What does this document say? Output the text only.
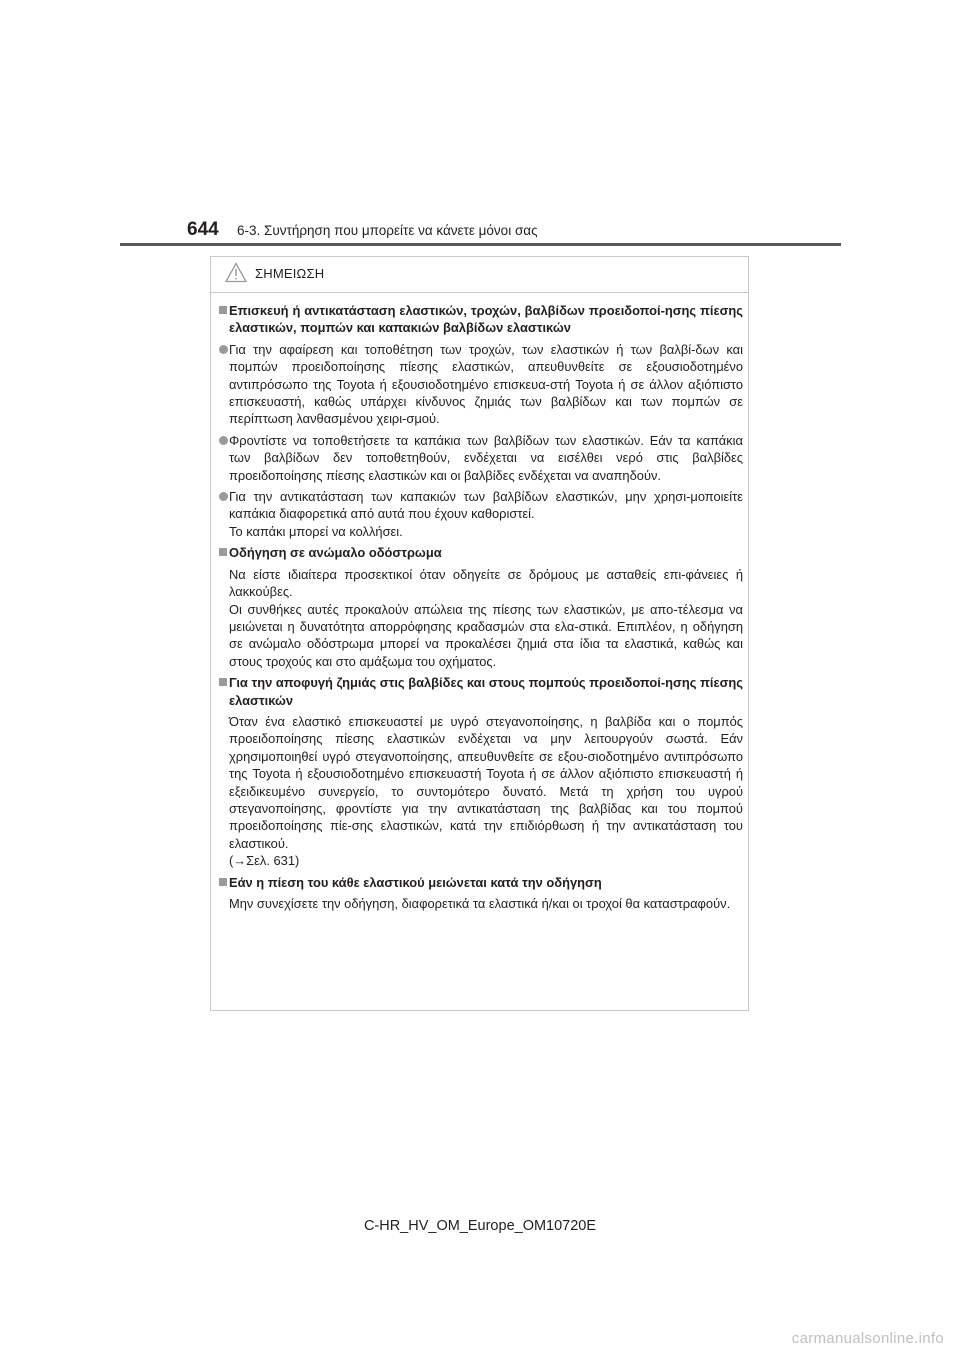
644 6-3. Συντήρηση που μπορείτε να κάνετε μόνοι σας
ΣΗΜΕΙΩΣΗ
Επισκευή ή αντικατάσταση ελαστικών, τροχών, βαλβίδων προειδοποί-ησης πίεσης ελαστικών, πομπών και καπακιών βαλβίδων ελαστικών
Για την αφαίρεση και τοποθέτηση των τροχών, των ελαστικών ή των βαλβί-δων και πομπών προειδοποίησης πίεσης ελαστικών, απευθυνθείτε σε εξουσιοδοτημένο αντιπρόσωπο της Toyota ή εξουσιοδοτημένο επισκευα-στή Toyota ή σε άλλον αξιόπιστο επισκευαστή, καθώς υπάρχει κίνδυνος ζημιάς των βαλβίδων και των πομπών σε περίπτωση λανθασμένου χειρι-σμού.
Φροντίστε να τοποθετήσετε τα καπάκια των βαλβίδων των ελαστικών. Εάν τα καπάκια των βαλβίδων δεν τοποθετηθούν, ενδέχεται να εισέλθει νερό στις βαλβίδες προειδοποίησης πίεσης ελαστικών και οι βαλβίδες ενδέχεται να αναπηδούν.
Για την αντικατάσταση των καπακιών των βαλβίδων ελαστικών, μην χρησι-μοποιείτε καπάκια διαφορετικά από αυτά που έχουν καθοριστεί.
Το καπάκι μπορεί να κολλήσει.
Οδήγηση σε ανώμαλο οδόστρωμα
Να είστε ιδιαίτερα προσεκτικοί όταν οδηγείτε σε δρόμους με ασταθείς επι-φάνειες ή λακκούβες.
Οι συνθήκες αυτές προκαλούν απώλεια της πίεσης των ελαστικών, με απο-τέλεσμα να μειώνεται η δυνατότητα απορρόφησης κραδασμών στα ελα-στικά. Επιπλέον, η οδήγηση σε ανώμαλο οδόστρωμα μπορεί να προκαλέσει ζημιά στα ίδια τα ελαστικά, καθώς και στους τροχούς και στο αμάξωμα του οχήματος.
Για την αποφυγή ζημιάς στις βαλβίδες και στους πομπούς προειδοποί-ησης πίεσης ελαστικών
Όταν ένα ελαστικό επισκευαστεί με υγρό στεγανοποίησης, η βαλβίδα και ο πομπός προειδοποίησης πίεσης ελαστικών ενδέχεται να μην λειτουργούν σωστά. Εάν χρησιμοποιηθεί υγρό στεγανοποίησης, απευθυνθείτε σε εξου-σιοδοτημένο αντιπρόσωπο της Toyota ή εξουσιοδοτημένο επισκευαστή Toyota ή σε άλλον αξιόπιστο επισκευαστή ή εξειδικευμένο συνεργείο, το συντομότερο δυνατό. Μετά τη χρήση του υγρού στεγανοποίησης, φροντίστε για την αντικατάσταση της βαλβίδας και του πομπού προειδοποίησης πίε-σης ελαστικών, κατά την επιδιόρθωση ή την αντικατάσταση του ελαστικού.
(→Σελ. 631)
Εάν η πίεση του κάθε ελαστικού μειώνεται κατά την οδήγηση
Μην συνεχίσετε την οδήγηση, διαφορετικά τα ελαστικά ή/και οι τροχοί θα καταστραφούν.
C-HR_HV_OM_Europe_OM10720E
carmanualsonline.info
